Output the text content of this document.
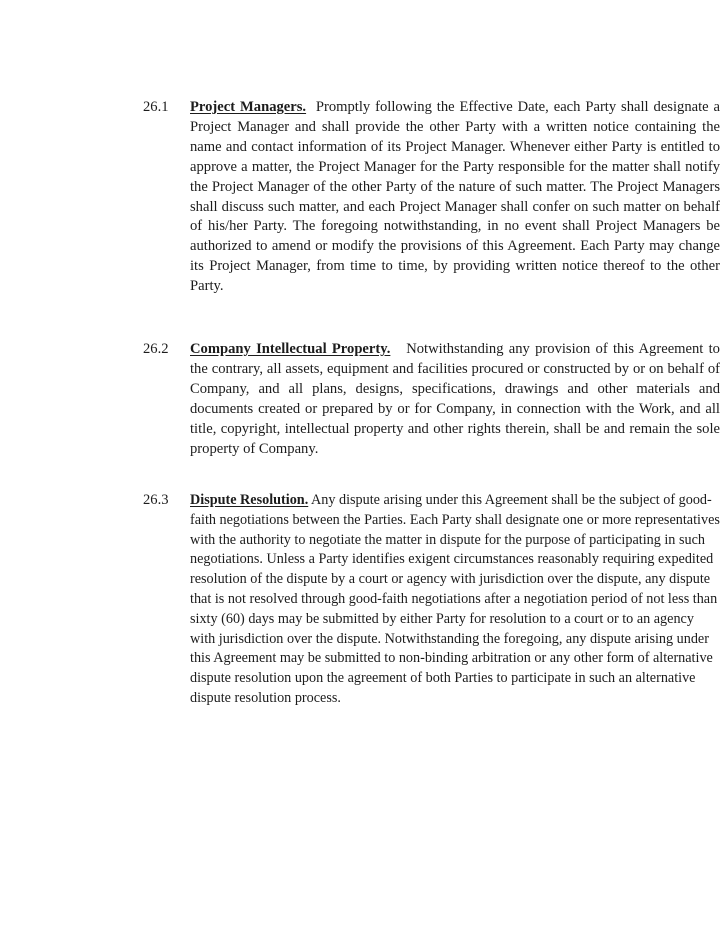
26.1 Project Managers. Promptly following the Effective Date, each Party shall designate a Project Manager and shall provide the other Party with a written notice containing the name and contact information of its Project Manager. Whenever either Party is entitled to approve a matter, the Project Manager for the Party responsible for the matter shall notify the Project Manager of the other Party of the nature of such matter. The Project Managers shall discuss such matter, and each Project Manager shall confer on such matter on behalf of his/her Party. The foregoing notwithstanding, in no event shall Project Managers be authorized to amend or modify the provisions of this Agreement. Each Party may change its Project Manager, from time to time, by providing written notice thereof to the other Party.
26.2 Company Intellectual Property. Notwithstanding any provision of this Agreement to the contrary, all assets, equipment and facilities procured or constructed by or on behalf of Company, and all plans, designs, specifications, drawings and other materials and documents created or prepared by or for Company, in connection with the Work, and all title, copyright, intellectual property and other rights therein, shall be and remain the sole property of Company.
26.3 Dispute Resolution. Any dispute arising under this Agreement shall be the subject of good-faith negotiations between the Parties. Each Party shall designate one or more representatives with the authority to negotiate the matter in dispute for the purpose of participating in such negotiations. Unless a Party identifies exigent circumstances reasonably requiring expedited resolution of the dispute by a court or agency with jurisdiction over the dispute, any dispute that is not resolved through good-faith negotiations after a negotiation period of not less than sixty (60) days may be submitted by either Party for resolution to a court or to an agency with jurisdiction over the dispute. Notwithstanding the foregoing, any dispute arising under this Agreement may be submitted to non-binding arbitration or any other form of alternative dispute resolution upon the agreement of both Parties to participate in such an alternative dispute resolution process.
